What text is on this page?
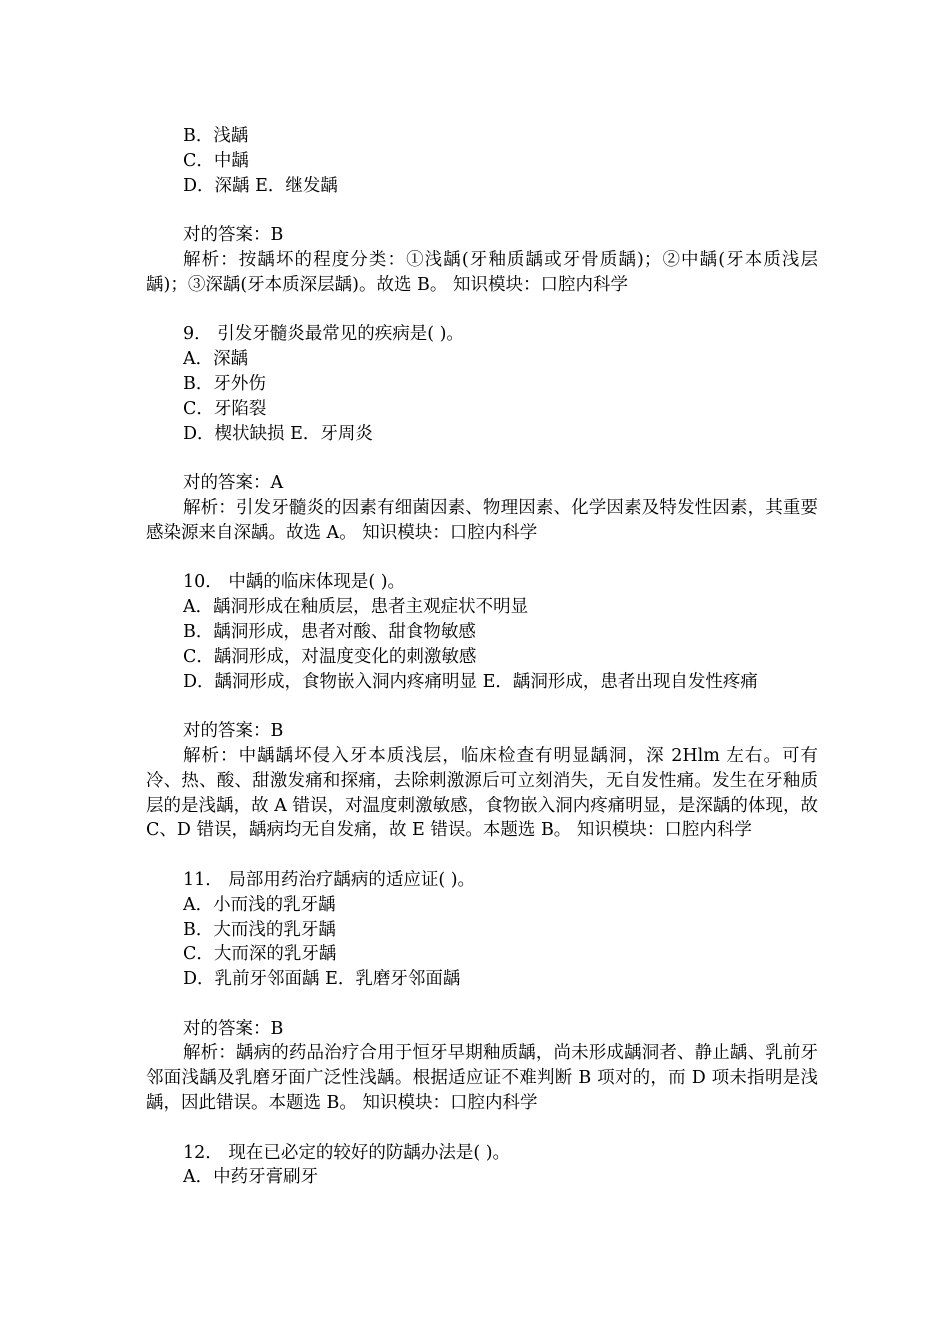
B．浅龋
C．中龋
D．深龋 E．继发龋
对的答案：B
解析：按龋坏的程度分类：①浅龋(牙釉质龋或牙骨质龋)；②中龋(牙本质浅层龋)；③深龋(牙本质深层龋)。故选 B。 知识模块：口腔内科学
9． 引发牙髓炎最常见的疾病是( )。
A．深龋
B．牙外伤
C．牙陷裂
D．楔状缺损 E．牙周炎
对的答案：A
解析：引发牙髓炎的因素有细菌因素、物理因素、化学因素及特发性因素，其重要感染源来自深龋。故选 A。 知识模块：口腔内科学
10． 中龋的临床体现是( )。
A．龋洞形成在釉质层，患者主观症状不明显
B．龋洞形成，患者对酸、甜食物敏感
C．龋洞形成，对温度变化的刺激敏感
D．龋洞形成，食物嵌入洞内疼痛明显 E．龋洞形成，患者出现自发性疼痛
对的答案：B
解析：中龋龋坏侵入牙本质浅层，临床检查有明显龋洞，深 2Hlm 左右。可有冷、热、酸、甜激发痛和探痛，去除刺激源后可立刻消失，无自发性痛。发生在牙釉质层的是浅龋，故 A 错误，对温度刺激敏感，食物嵌入洞内疼痛明显，是深龋的体现，故 C、D 错误，龋病均无自发痛，故 E 错误。本题选 B。 知识模块：口腔内科学
11． 局部用药治疗龋病的适应证( )。
A．小而浅的乳牙龋
B．大而浅的乳牙龋
C．大而深的乳牙龋
D．乳前牙邻面龋 E．乳磨牙邻面龋
对的答案：B
解析：龋病的药品治疗合用于恒牙早期釉质龋，尚未形成龋洞者、静止龋、乳前牙邻面浅龋及乳磨牙面广泛性浅龋。根据适应证不难判断 B 项对的，而 D 项未指明是浅龋，因此错误。本题选 B。 知识模块：口腔内科学
12． 现在已必定的较好的防龋办法是( )。
A．中药牙膏刷牙
